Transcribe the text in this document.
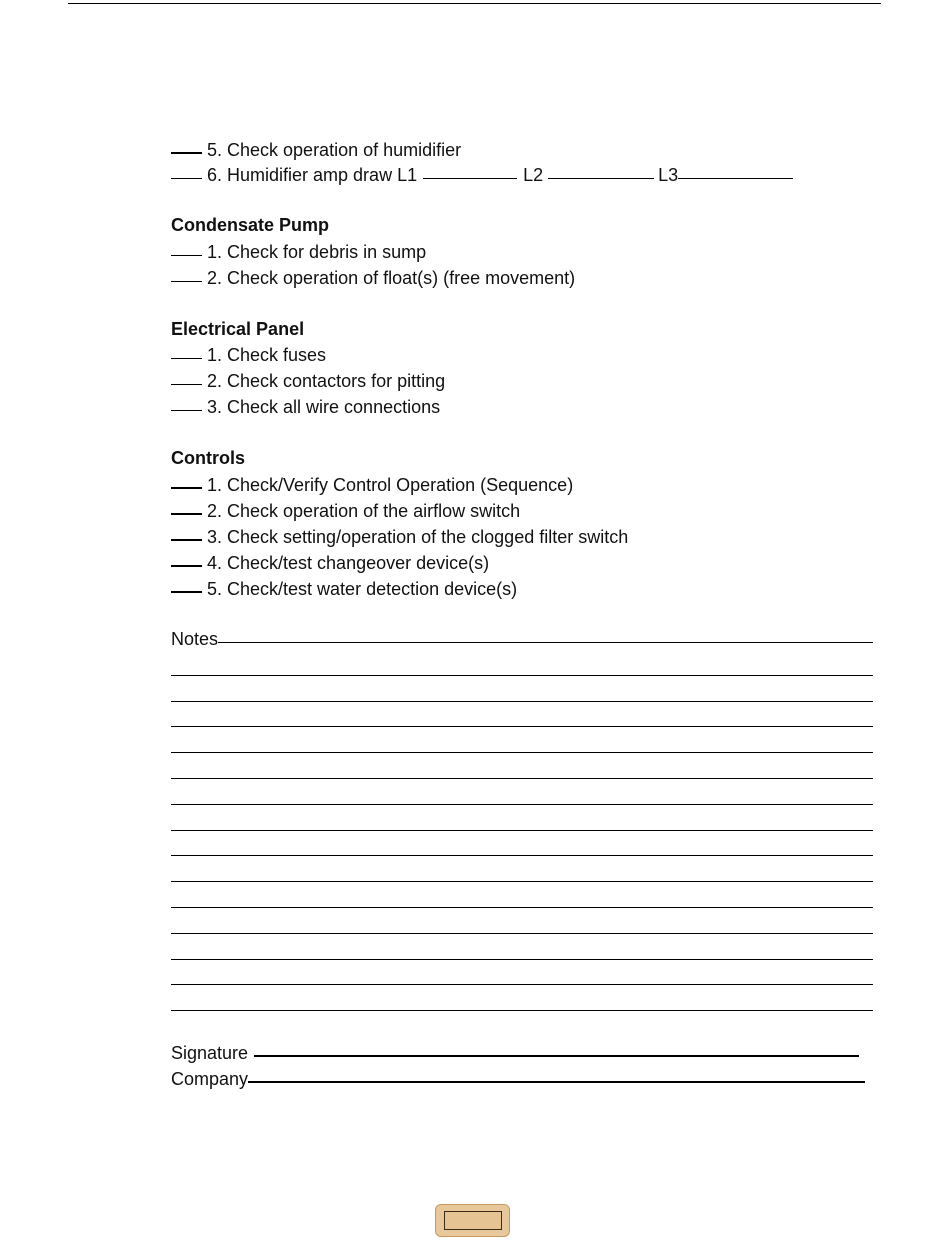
5. Check operation of humidifier
6. Humidifier amp draw L1	L2	L3
Condensate Pump
1. Check for debris in sump
2. Check operation of float(s) (free movement)
Electrical Panel
1. Check fuses
2. Check contactors for pitting
3. Check all wire connections
Controls
1. Check/Verify Control Operation (Sequence)
2. Check operation of the airflow switch
3. Check setting/operation of the clogged filter switch
4. Check/test changeover device(s)
5. Check/test water detection device(s)
Notes
Signature
Company
